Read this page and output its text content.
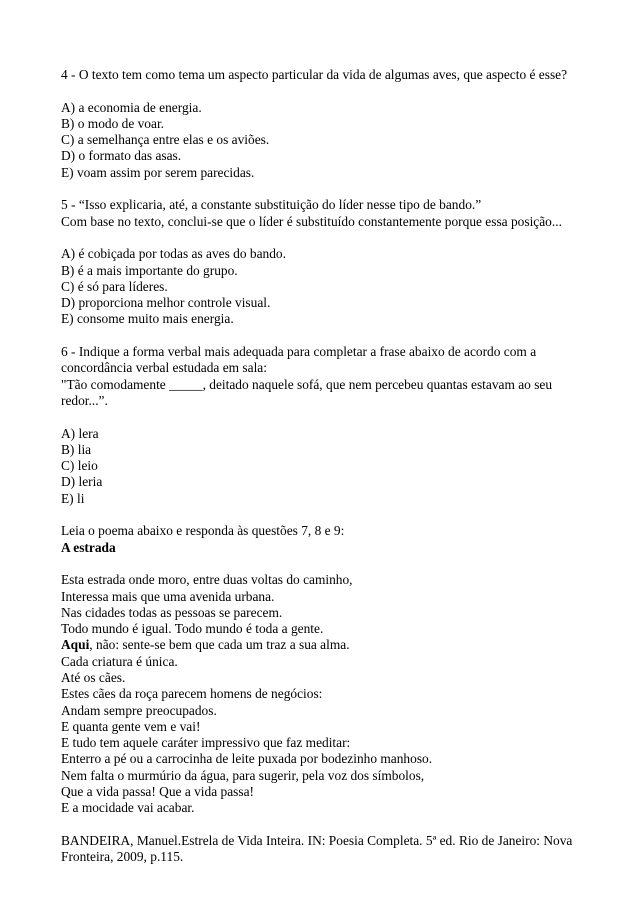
4 - O texto tem como tema um aspecto particular da vida de algumas aves, que aspecto é esse?
A) a economia de energia.
B) o modo de voar.
C) a semelhança entre elas e os aviões.
D) o formato das asas.
E) voam assim por serem parecidas.
5 - “Isso explicaria, até, a constante substituição do líder nesse tipo de bando.”
Com base no texto, conclui-se que o líder é substituído constantemente porque essa posição...
A) é cobiçada por todas as aves do bando.
B) é a mais importante do grupo.
C) é só para líderes.
D) proporciona melhor controle visual.
E) consome muito mais energia.
6 - Indique a forma verbal mais adequada para completar a frase abaixo de acordo com a
concordância verbal estudada em sala:
"Tão comodamente _____, deitado naquele sofá, que nem percebeu quantas estavam ao seu
redor...”.
A) lera
B) lia
C) leio
D) leria
E) li
Leia o poema abaixo e responda às questões 7, 8 e 9:
A estrada
Esta estrada onde moro, entre duas voltas do caminho,
Interessa mais que uma avenida urbana.
Nas cidades todas as pessoas se parecem.
Todo mundo é igual. Todo mundo é toda a gente.
Aqui, não: sente-se bem que cada um traz a sua alma.
Cada criatura é única.
Até os cães.
Estes cães da roça parecem homens de negócios:
Andam sempre preocupados.
E quanta gente vem e vai!
E tudo tem aquele caráter impressivo que faz meditar:
Enterro a pé ou a carrocinha de leite puxada por bodezinho manhoso.
Nem falta o murmúrio da água, para sugerir, pela voz dos símbolos,
Que a vida passa! Que a vida passa!
E a mocidade vai acabar.
BANDEIRA, Manuel.Estrela de Vida Inteira. IN: Poesia Completa. 5ª ed. Rio de Janeiro: Nova
Fronteira, 2009, p.115.
